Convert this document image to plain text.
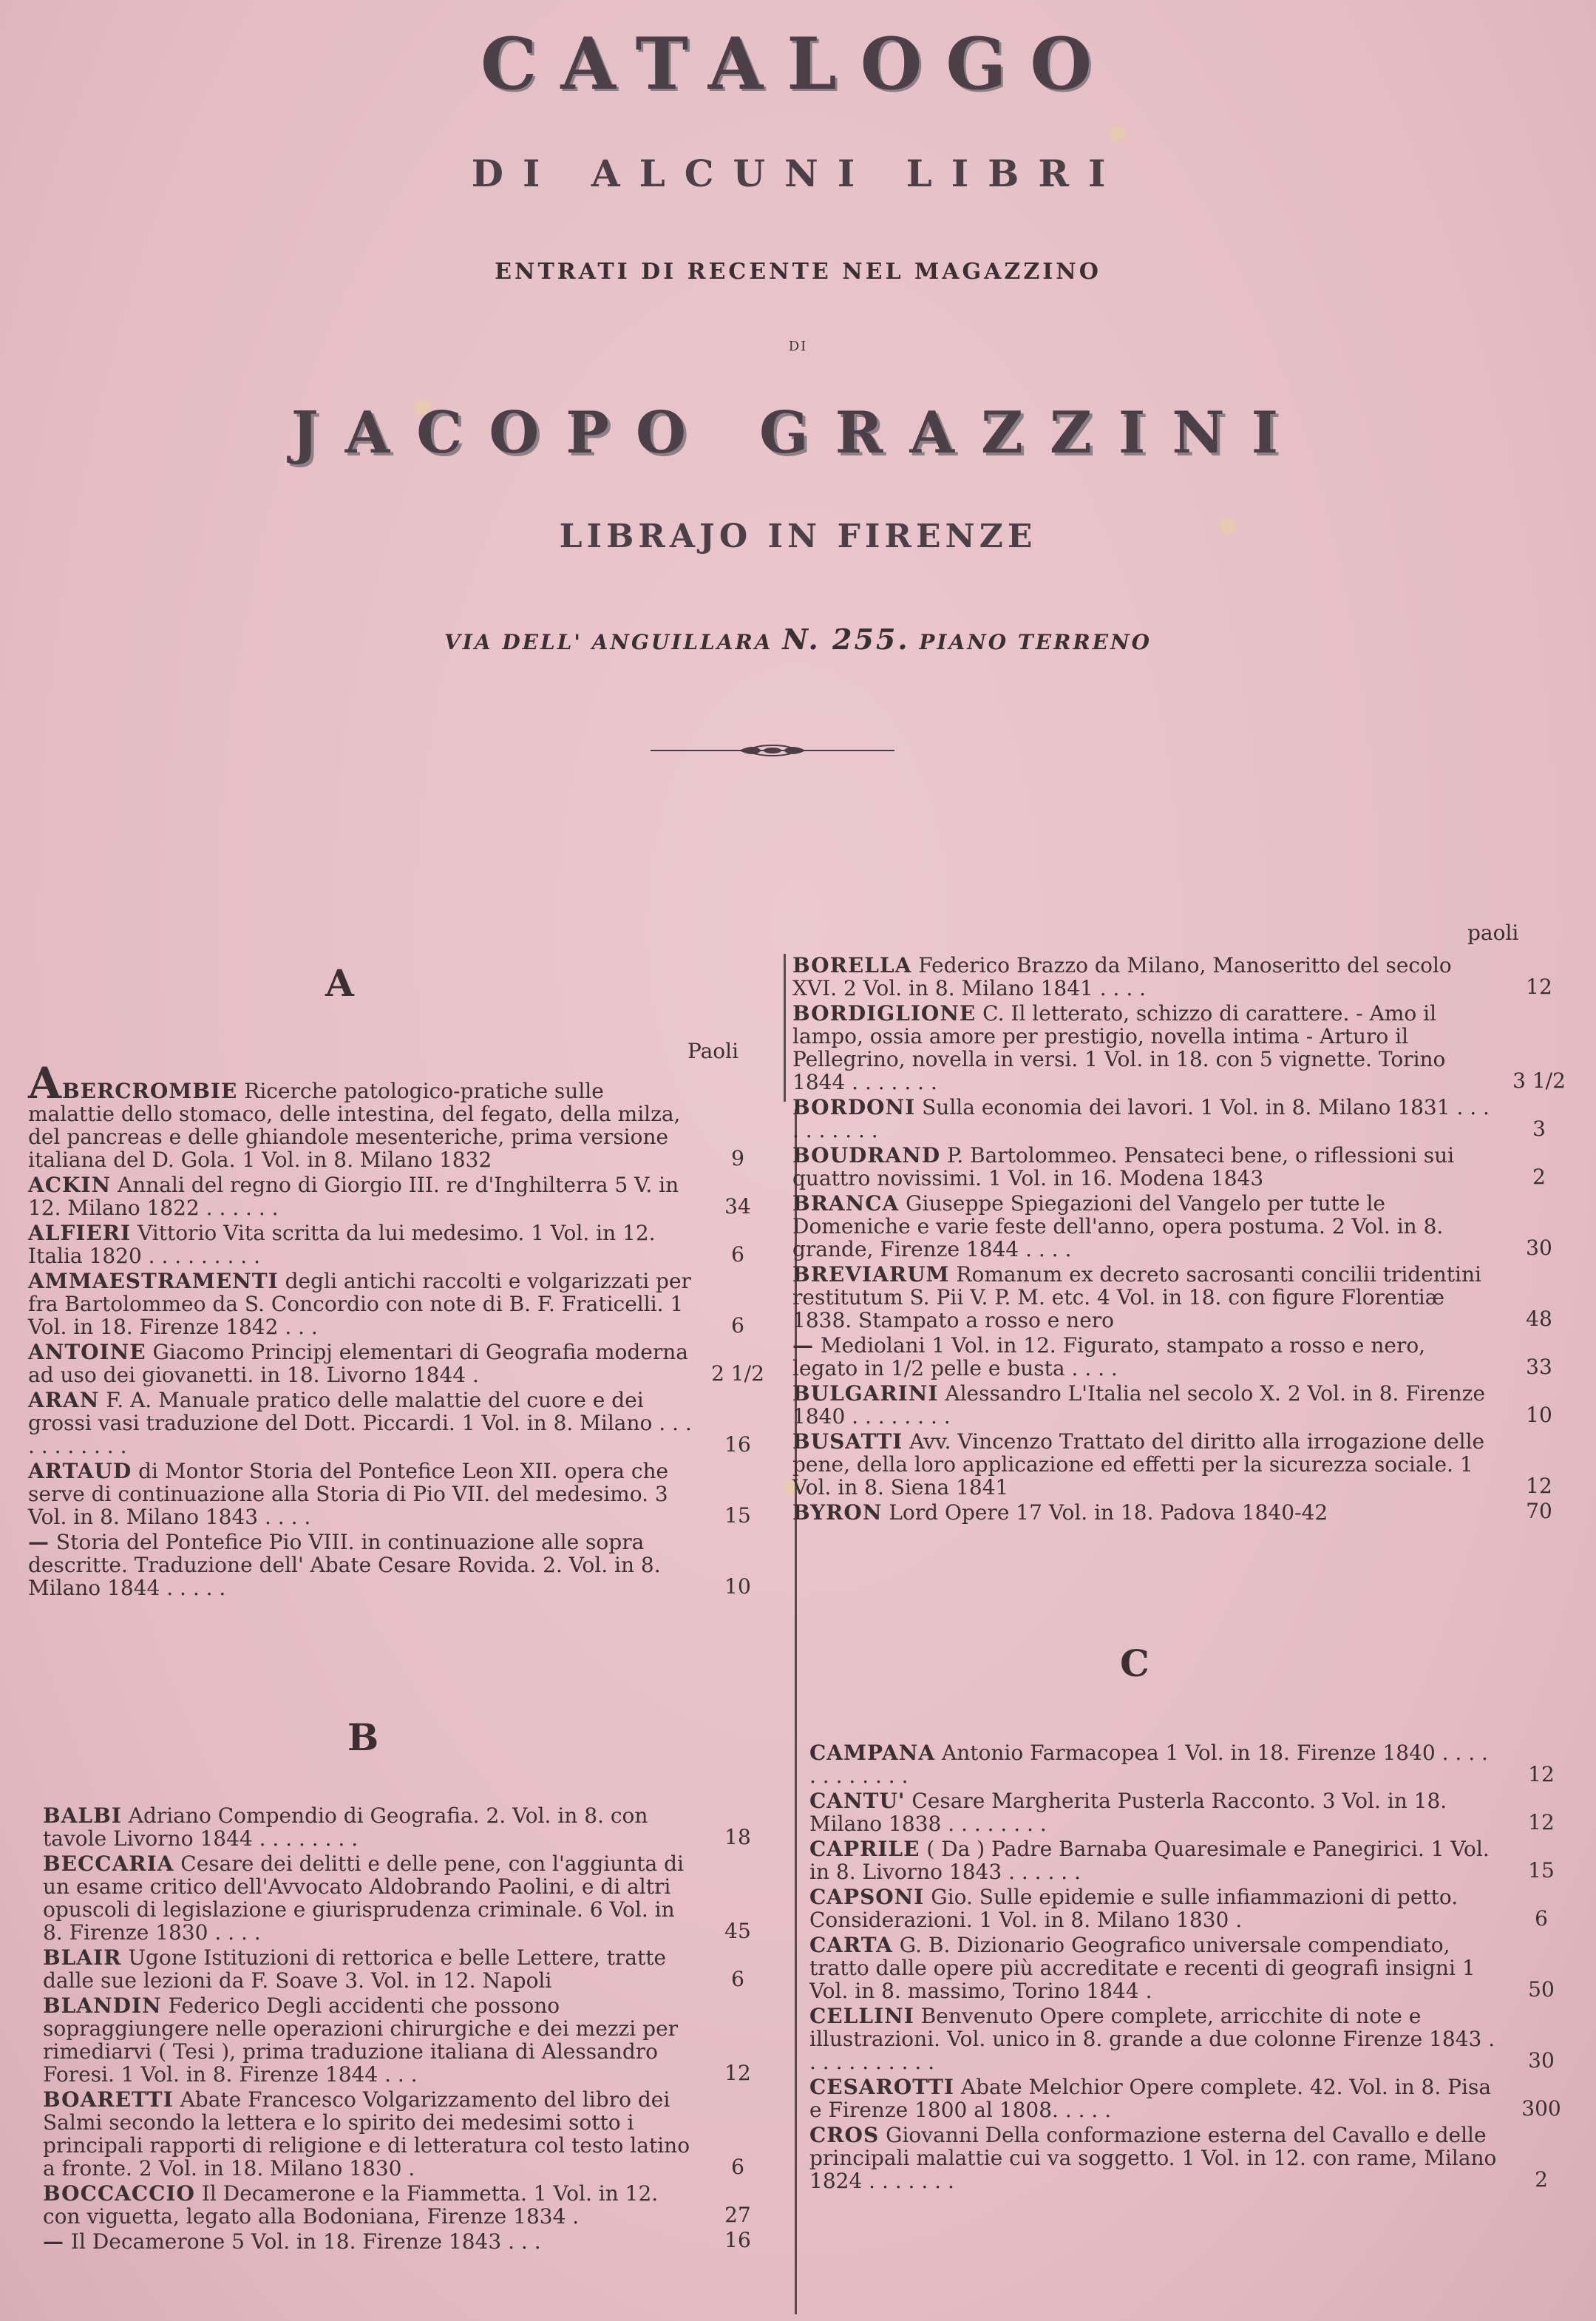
CATALOGO
DI ALCUNI LIBRI
ENTRATI DI RECENTE NEL MAGAZZINO
DI
JACOPO GRAZZINI
LIBRAJO IN FIRENZE
VIA DELL' ANGUILLARA N. 255. PIANO TERRENO
A
Paoli
ABERCROMBIE Ricerche patologico-pratiche sulle malattie dello stomaco, delle intestina, del fegato, della milza, del pancreas e delle ghiandole mesenteriche, prima versione italiana del D. Gola. 1 Vol. in 8. Milano 1832	9
ACKIN Annali del regno di Giorgio III. re d'Inghilterra 5 V. in 12. Milano 1822 . . . . . .	34
ALFIERI Vittorio Vita scritta da lui medesimo. 1 Vol. in 12. Italia 1820 . . . . . . . . .	6
AMMAESTRAMENTI degli antichi raccolti e volgarizzati per fra Bartolommeo da S. Concordio con note di B. F. Fraticelli. 1 Vol. in 18. Firenze 1842 . . .	6
ANTOINE Giacomo Principj elementari di Geografia moderna ad uso dei giovanetti. in 18. Livorno 1844 .	2 1/2
ARAN F. A. Manuale pratico delle malattie del cuore e dei grossi vasi traduzione del Dott. Piccardi. 1 Vol. in 8. Milano . . . . . . . . . . .	16
ARTAUD di Montor Storia del Pontefice Leon XII. opera che serve di continuazione alla Storia di Pio VII. del medesimo. 3 Vol. in 8. Milano 1843 . . . .	15
— Storia del Pontefice Pio VIII. in continuazione alle sopra descritte. Traduzione dell' Abate Cesare Rovida. 2. Vol. in 8. Milano 1844 . . . . .	10
B
BALBI Adriano Compendio di Geografia. 2. Vol. in 8. con tavole Livorno 1844 . . . . . . . .	18
BECCARIA Cesare dei delitti e delle pene, con l'aggiunta di un esame critico dell'Avvocato Aldobrando Paolini, e di altri opuscoli di legislazione e giurisprudenza criminale. 6 Vol. in 8. Firenze 1830 . . . .	45
BLAIR Ugone Istituzioni di rettorica e belle Lettere, tratte dalle sue lezioni da F. Soave 3. Vol. in 12. Napoli	6
BLANDIN Federico Degli accidenti che possono sopraggiungere nelle operazioni chirurgiche e dei mezzi per rimediarvi ( Tesi ), prima traduzione italiana di Alessandro Foresi. 1 Vol. in 8. Firenze 1844 . . .	12
BOARETTI Abate Francesco Volgarizzamento del libro dei Salmi secondo la lettera e lo spirito dei medesimi sotto i principali rapporti di religione e di letteratura col testo latino a fronte. 2 Vol. in 18. Milano 1830 .	6
BOCCACCIO Il Decamerone e la Fiammetta. 1 Vol. in 12. con viguetta, legato alla Bodoniana, Firenze 1834 .	27
— Il Decamerone 5 Vol. in 18. Firenze 1843 . . .	16
paoli
BORELLA Federico Brazzo da Milano, Manoseritto del secolo XVI. 2 Vol. in 8. Milano 1841 . . . .	12
BORDIGLIONE C. Il letterato, schizzo di carattere. - Amo il lampo, ossia amore per prestigio, novella intima - Arturo il Pellegrino, novella in versi. 1 Vol. in 18. con 5 vignette. Torino 1844 . . . . . . .	3 1/2
BORDONI Sulla economia dei lavori. 1 Vol. in 8. Milano 1831 . . . . . . . . . .	3
BOUDRAND P. Bartolommeo. Pensateci bene, o riflessioni sui quattro novissimi. 1 Vol. in 16. Modena 1843	2
BRANCA Giuseppe Spiegazioni del Vangelo per tutte le Domeniche e varie feste dell'anno, opera postuma. 2 Vol. in 8. grande, Firenze 1844 . . . .	30
BREVIARUM Romanum ex decreto sacrosanti concilii tridentini restitutum S. Pii V. P. M. etc. 4 Vol. in 18. con figure Florentiæ 1838. Stampato a rosso e nero	48
— Mediolani 1 Vol. in 12. Figurato, stampato a rosso e nero, legato in 1/2 pelle e busta . . . .	33
BULGARINI Alessandro L'Italia nel secolo X. 2 Vol. in 8. Firenze 1840 . . . . . . . .	10
BUSATTI Avv. Vincenzo Trattato del diritto alla irrogazione delle pene, della loro applicazione ed effetti per la sicurezza sociale. 1 Vol. in 8. Siena 1841	12
BYRON Lord Opere 17 Vol. in 18. Padova 1840-42	70
C
CAMPANA Antonio Farmacopea 1 Vol. in 18. Firenze 1840 . . . . . . . . . . . .	12
CANTU' Cesare Margherita Pusterla Racconto. 3 Vol. in 18. Milano 1838 . . . . . . . .	12
CAPRILE ( Da ) Padre Barnaba Quaresimale e Panegirici. 1 Vol. in 8. Livorno 1843 . . . . . .	15
CAPSONI Gio. Sulle epidemie e sulle infiammazioni di petto. Considerazioni. 1 Vol. in 8. Milano 1830 .	6
CARTA G. B. Dizionario Geografico universale compendiato, tratto dalle opere più accreditate e recenti di geografi insigni 1 Vol. in 8. massimo, Torino 1844 .	50
CELLINI Benvenuto Opere complete, arricchite di note e illustrazioni. Vol. unico in 8. grande a due colonne Firenze 1843 . . . . . . . . . . .	30
CESAROTTI Abate Melchior Opere complete. 42. Vol. in 8. Pisa e Firenze 1800 al 1808. . . . .	300
CROS Giovanni Della conformazione esterna del Cavallo e delle principali malattie cui va soggetto. 1 Vol. in 12. con rame, Milano 1824 . . . . . . .	2
